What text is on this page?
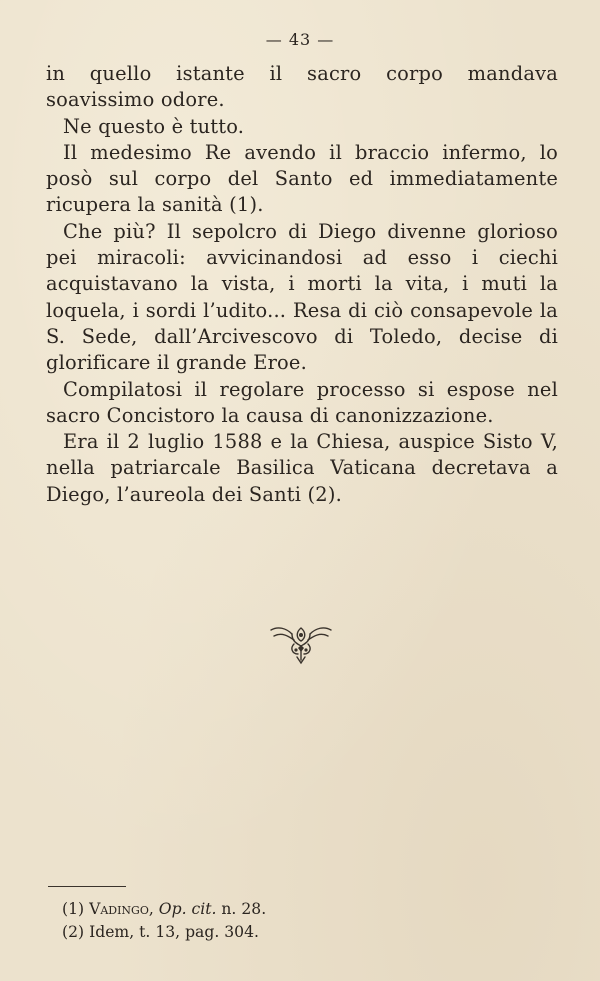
— 43 —

in quello istante il sacro corpo mandava soavissimo odore.

Ne questo è tutto.

Il medesimo Re avendo il braccio infermo, lo posò sul corpo del Santo ed immediatamente ricupera la sanità (1).

Che più? Il sepolcro di Diego divenne glorioso pei miracoli: avvicinandosi ad esso i ciechi acquistavano la vista, i morti la vita, i muti la loquela, i sordi l’udito... Resa di ciò consapevole la S. Sede, dall’Arcivescovo di Toledo, decise di glorificare il grande Eroe.

Compilatosi il regolare processo si espose nel sacro Concistoro la causa di canonizzazione.

Era il 2 luglio 1588 e la Chiesa, auspice Sisto V, nella patriarcale Basilica Vaticana decretava a Diego, l’aureola dei Santi (2).

(1) Vadingo, Op. cit. n. 28.
(2) Idem, t. 13, pag. 304.
